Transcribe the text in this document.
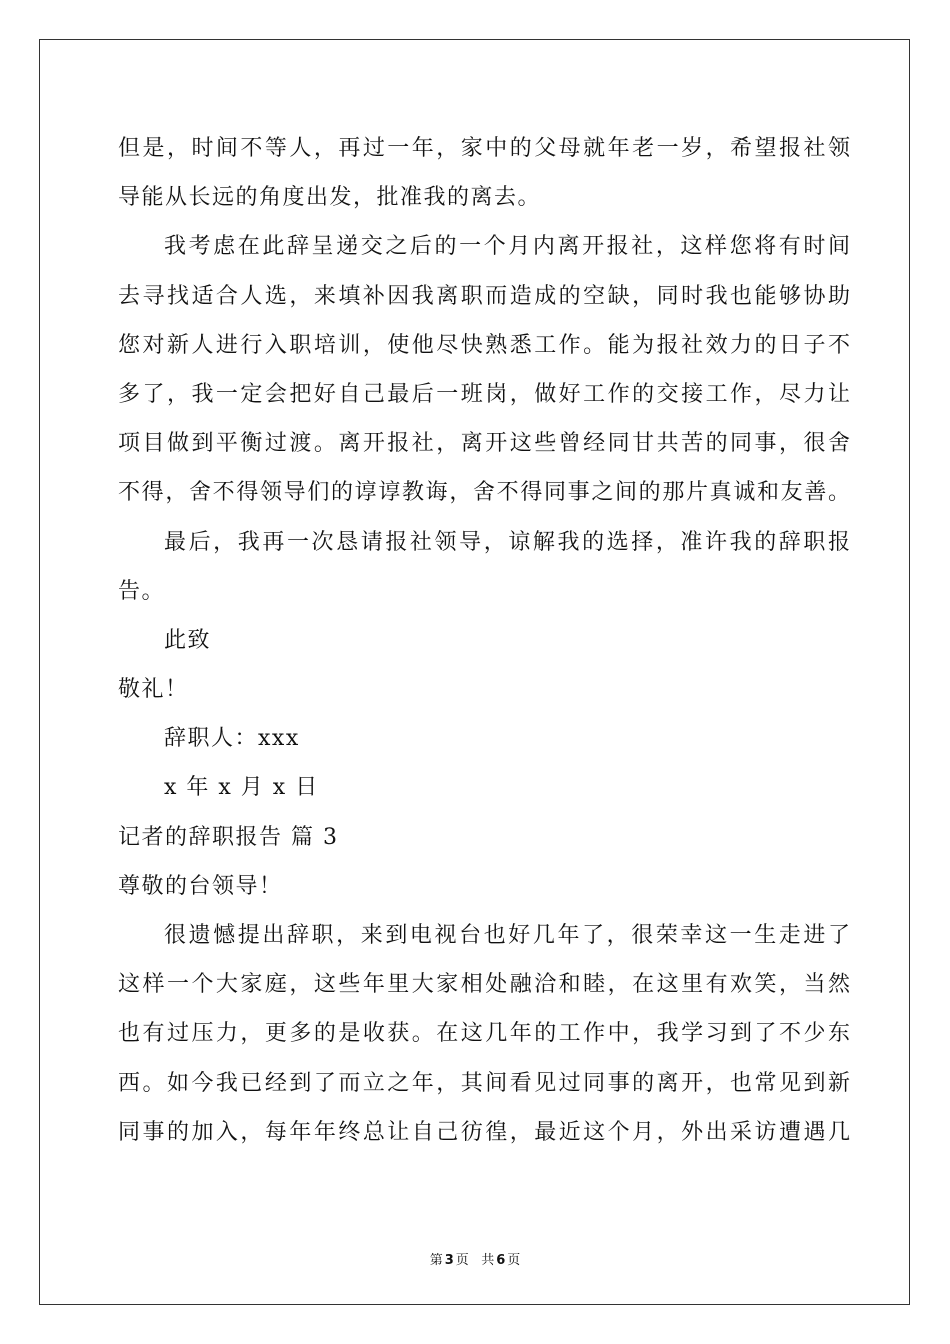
但是，时间不等人，再过一年，家中的父母就年老一岁，希望报社领
导能从长远的角度出发，批准我的离去。
我考虑在此辞呈递交之后的一个月内离开报社，这样您将有时间
去寻找适合人选，来填补因我离职而造成的空缺，同时我也能够协助
您对新人进行入职培训，使他尽快熟悉工作。能为报社效力的日子不
多了，我一定会把好自己最后一班岗，做好工作的交接工作，尽力让
项目做到平衡过渡。离开报社，离开这些曾经同甘共苦的同事，很舍
不得，舍不得领导们的谆谆教诲，舍不得同事之间的那片真诚和友善。
最后，我再一次恳请报社领导，谅解我的选择，准许我的辞职报
告。
此致
敬礼！
辞职人：xxx
x 年 x 月 x 日
记者的辞职报告 篇 3
尊敬的台领导！
很遗憾提出辞职，来到电视台也好几年了，很荣幸这一生走进了
这样一个大家庭，这些年里大家相处融洽和睦，在这里有欢笑，当然
也有过压力，更多的是收获。在这几年的工作中，我学习到了不少东
西。如今我已经到了而立之年，其间看见过同事的离开，也常见到新
同事的加入，每年年终总让自己彷徨，最近这个月，外出采访遭遇几
第 3 页 共 6 页
